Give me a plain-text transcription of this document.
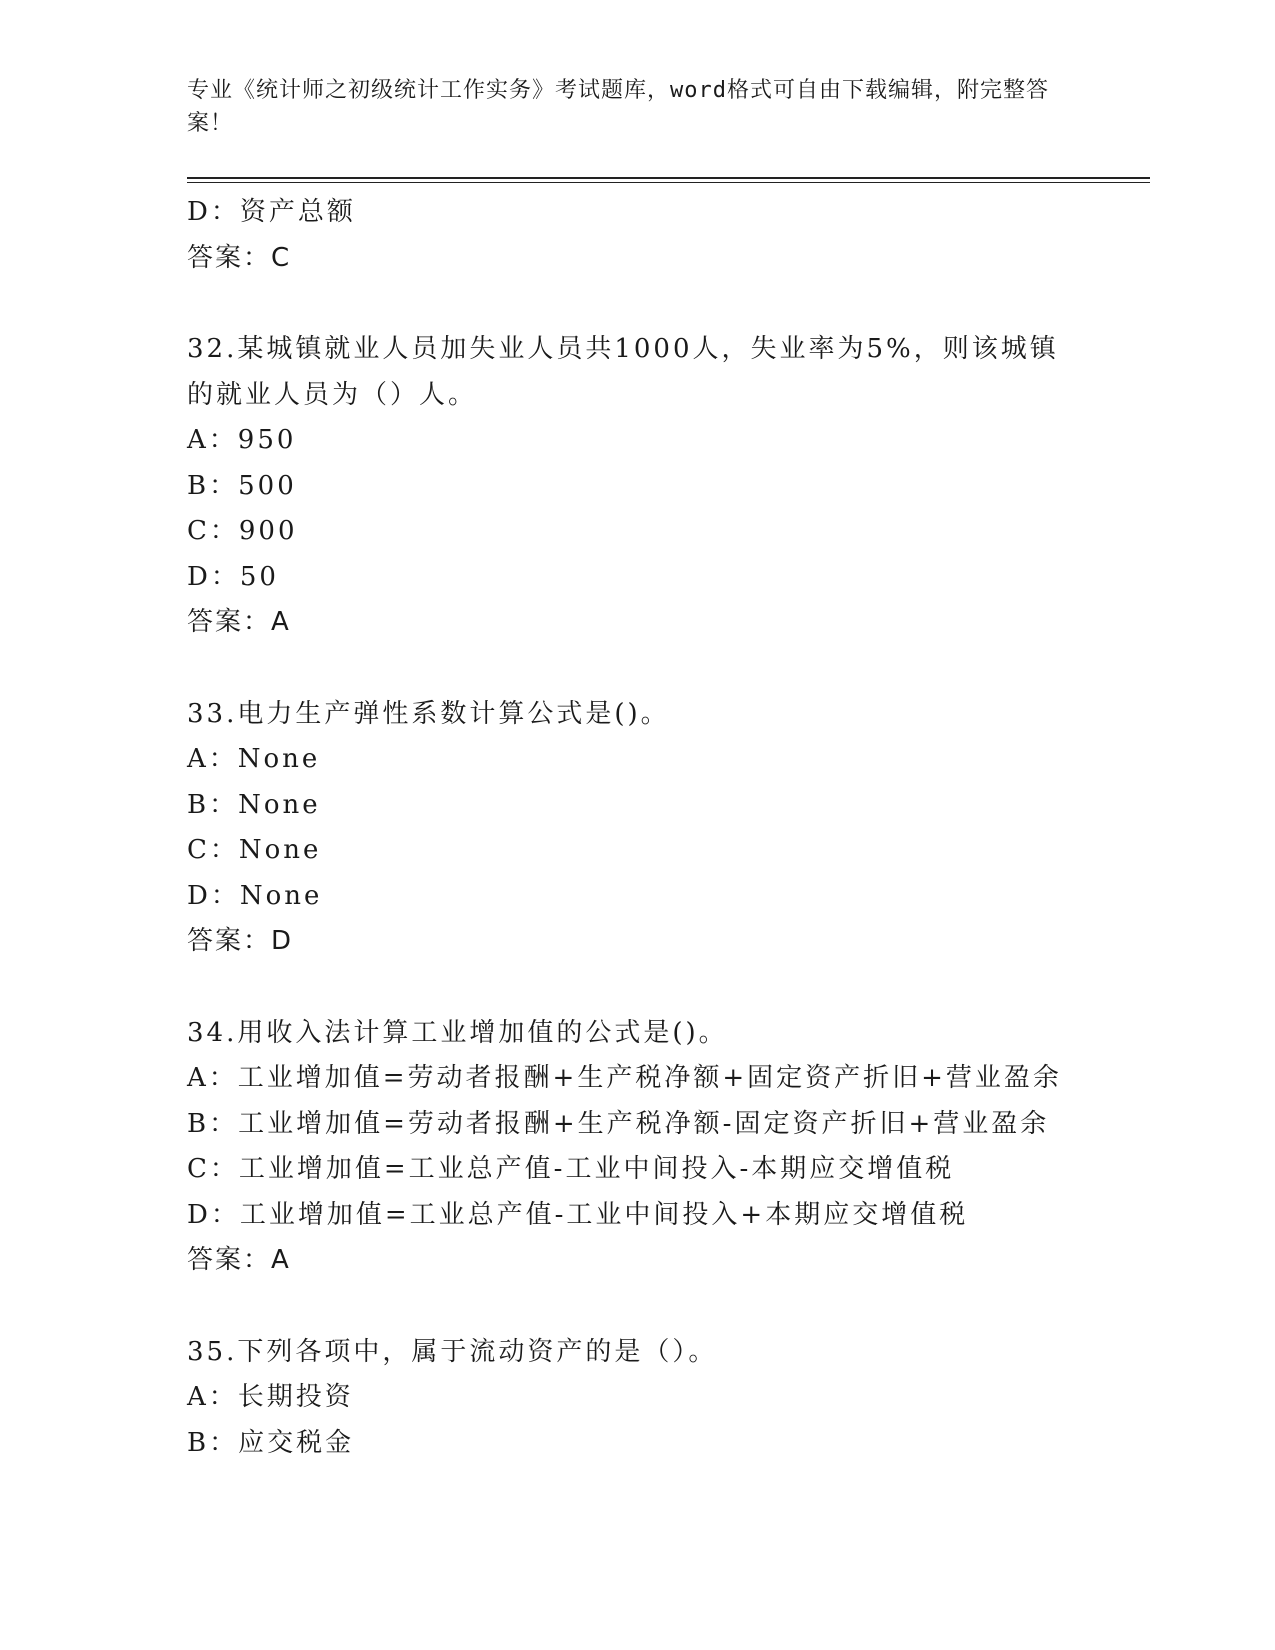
专业《统计师之初级统计工作实务》考试题库，word格式可自由下载编辑，附完整答案！
D：资产总额
答案：C
32.某城镇就业人员加失业人员共1000人，失业率为5%，则该城镇的就业人员为（）人。
A：950
B：500
C：900
D：50
答案：A
33.电力生产弹性系数计算公式是()。
A：None
B：None
C：None
D：None
答案：D
34.用收入法计算工业增加值的公式是()。
A：工业增加值=劳动者报酬+生产税净额+固定资产折旧+营业盈余
B：工业增加值=劳动者报酬+生产税净额-固定资产折旧+营业盈余
C：工业增加值=工业总产值-工业中间投入-本期应交增值税
D：工业增加值=工业总产值-工业中间投入+本期应交增值税
答案：A
35.下列各项中，属于流动资产的是（）。
A：长期投资
B：应交税金
